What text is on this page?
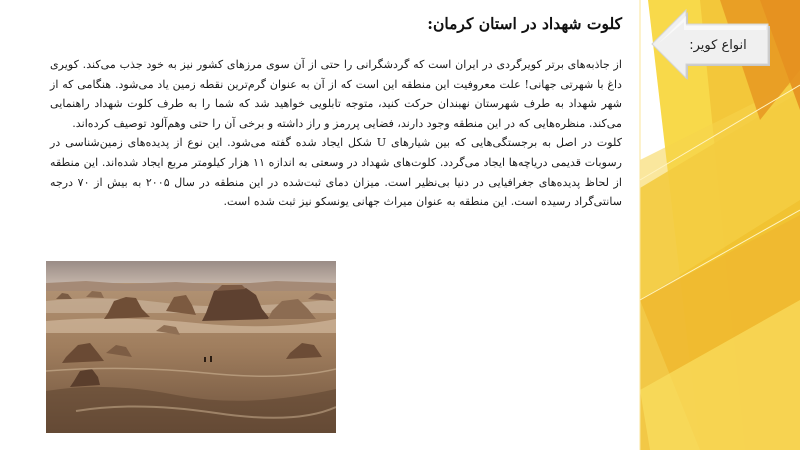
انواع کویر:
کلوت شهداد در استان کرمان:

از جاذبه‌های برتر کویرگردی در ایران است که گردشگرانی را حتی از آن سوی مرزهای کشور نیز به خود جذب می‌کند. کویری داغ با شهرتی جهانی! علت معروفیت این منطقه این است که از آن به عنوان گرم‌ترین نقطه زمین یاد می‌شود. هنگامی که از شهر شهداد به طرف شهرستان نهبندان حرکت کنید، متوجه تابلویی خواهید شد که شما را به طرف کلوت شهداد راهنمایی می‌کند. منظره‌هایی که در این منطقه وجود دارند، فضایی پررمز و راز داشته و برخی آن را حتی وهم‌آلود توصیف کرده‌اند.

کلوت در اصل به برجستگی‌هایی که بین شیارهای U شکل ایجاد شده گفته می‌شود. این نوع از پدیده‌های زمین‌شناسی در رسوبات قدیمی دریاچه‌ها ایجاد می‌گردد. کلوت‌های شهداد در وسعتی به اندازه ۱۱ هزار کیلومتر مربع ایجاد شده‌اند. این منطقه از لحاظ پدیده‌های جغرافیایی در دنیا بی‌نظیر است. میزان دمای ثبت‌شده در این منطقه در سال ۲۰۰۵ به بیش از ۷۰ درجه سانتی‌گراد رسیده است. این منطقه به عنوان میراث جهانی یونسکو نیز ثبت شده است.
